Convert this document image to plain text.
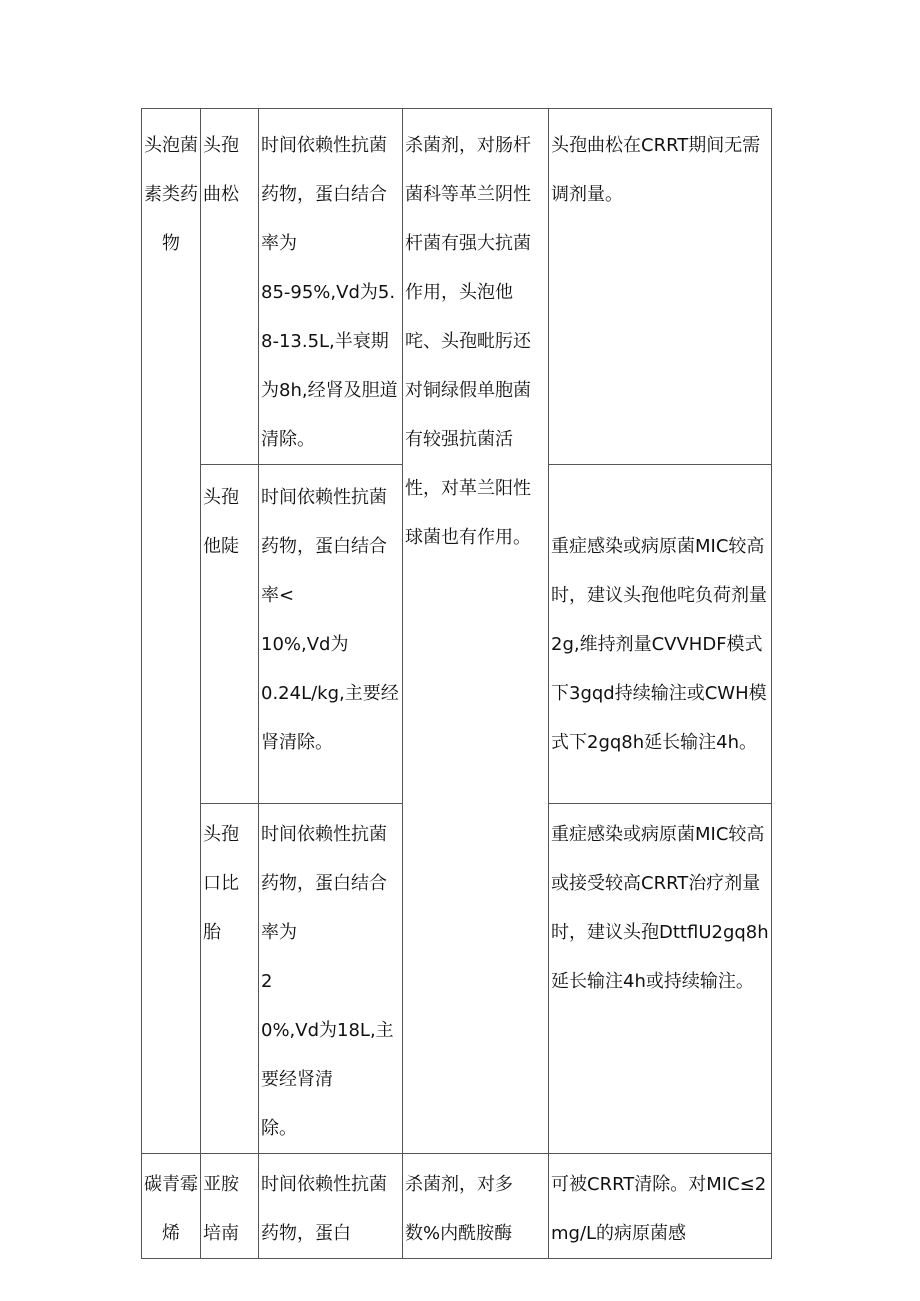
头泡菌素类药物	头孢曲松	时间依赖性抗菌药物，蛋白结合率为
85-95%,Vd为5.
8-13.5L,半衰期为8h,经肾及胆道清除。	杀菌剂，对肠杆菌科等革兰阴性杆菌有强大抗菌作用，头泡他咤、头孢毗肟还对铜绿假单胞菌有较强抗菌活性，对革兰阳性球菌也有作用。	头孢曲松在CRRT期间无需调剂量。

	头孢他陡	时间依赖性抗菌药物，蛋白结合率<
10%,Vd为
0.24L/kg,主要经肾清除。		重症感染或病原菌MIC较高时，建议头孢他咤负荷剂量2g,维持剂量CVVHDF模式下3gqd持续输注或CWH模式下2gq8h延长输注4h。

	头孢口比胎	时间依赖性抗菌药物，蛋白结合率为
2
0%,Vd为18L,主要经肾清
除。		重症感染或病原菌MIC较高或接受较高CRRT治疗剂量时，建议头孢DttflU2gq8h延长输注4h或持续输注。

碳青霉烯	亚胺培南	时间依赖性抗菌药物，蛋白	杀菌剂，对多数%内酰胺酶	可被CRRT清除。对MIC≤2mg/L的病原菌感
